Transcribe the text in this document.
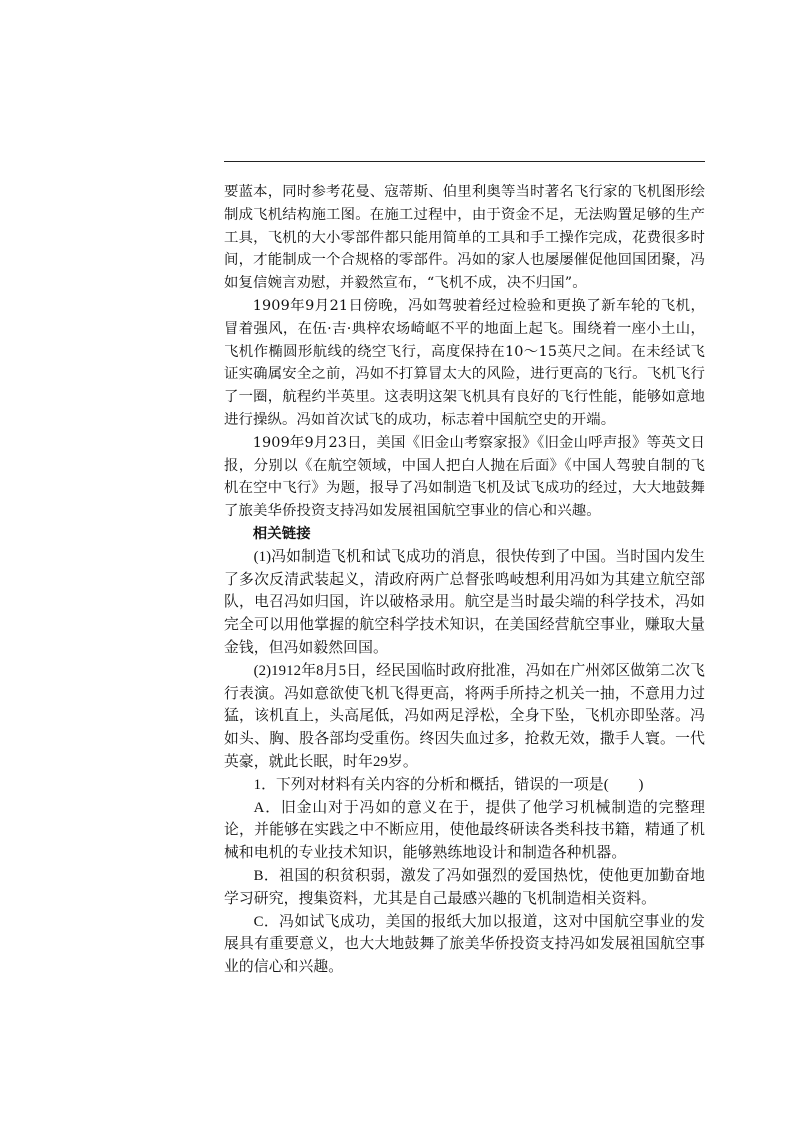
要蓝本，同时参考花曼、寇蒂斯、伯里利奥等当时著名飞行家的飞机图形绘制成飞机结构施工图。在施工过程中，由于资金不足，无法购置足够的生产工具，飞机的大小零部件都只能用简单的工具和手工操作完成，花费很多时间，才能制成一个合规格的零部件。冯如的家人也屡屡催促他回国团聚，冯如复信婉言劝慰，并毅然宣布，“飞机不成，决不归国”。

1909年9月21日傍晚，冯如驾驶着经过检验和更换了新车轮的飞机，冒着强风，在伍·吉·典梓农场崎岖不平的地面上起飞。围绕着一座小土山，飞机作椭圆形航线的绕空飞行，高度保持在10～15英尺之间。在未经试飞证实确属安全之前，冯如不打算冒太大的风险，进行更高的飞行。飞机飞行了一圈，航程约半英里。这表明这架飞机具有良好的飞行性能，能够如意地进行操纵。冯如首次试飞的成功，标志着中国航空史的开端。

1909年9月23日，美国《旧金山考察家报》《旧金山呼声报》等英文日报，分别以《在航空领域，中国人把白人抛在后面》《中国人驾驶自制的飞机在空中飞行》为题，报导了冯如制造飞机及试飞成功的经过，大大地鼓舞了旅美华侨投资支持冯如发展祖国航空事业的信心和兴趣。

相关链接

(1)冯如制造飞机和试飞成功的消息，很快传到了中国。当时国内发生了多次反清武装起义，清政府两广总督张鸣岐想利用冯如为其建立航空部队，电召冯如归国，许以破格录用。航空是当时最尖端的科学技术，冯如完全可以用他掌握的航空科学技术知识，在美国经营航空事业，赚取大量金钱，但冯如毅然回国。

(2)1912年8月5日，经民国临时政府批准，冯如在广州郊区做第二次飞行表演。冯如意欲使飞机飞得更高，将两手所持之机关一抽，不意用力过猛，该机直上，头高尾低，冯如两足浮松，全身下坠，飞机亦即坠落。冯如头、胸、股各部均受重伤。终因失血过多，抢救无效，撒手人寰。一代英豪，就此长眠，时年29岁。

1．下列对材料有关内容的分析和概括，错误的一项是(　　)

A．旧金山对于冯如的意义在于，提供了他学习机械制造的完整理论，并能够在实践之中不断应用，使他最终研读各类科技书籍，精通了机械和电机的专业技术知识，能够熟练地设计和制造各种机器。

B．祖国的积贫积弱，激发了冯如强烈的爱国热忱，使他更加勤奋地学习研究，搜集资料，尤其是自己最感兴趣的飞机制造相关资料。

C．冯如试飞成功，美国的报纸大加以报道，这对中国航空事业的发展具有重要意义，也大大地鼓舞了旅美华侨投资支持冯如发展祖国航空事业的信心和兴趣。
